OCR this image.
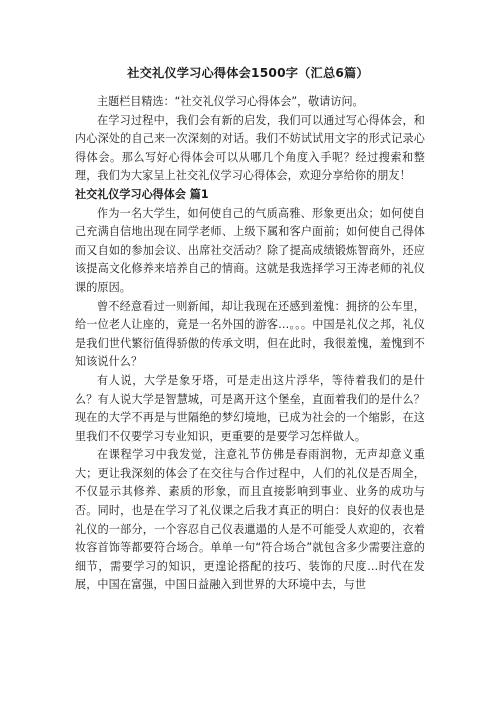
社交礼仪学习心得体会1500字（汇总6篇）

主题栏目精选：“社交礼仪学习心得体会”，敬请访问。

在学习过程中，我们会有新的启发，我们可以通过写心得体会，和内心深处的自己来一次深刻的对话。我们不妨试试用文字的形式记录心得体会。那么写好心得体会可以从哪几个角度入手呢？经过搜索和整理，我们为大家呈上社交礼仪学习心得体会，欢迎分享给你的朋友！

社交礼仪学习心得体会 篇1

作为一名大学生，如何使自己的气质高雅、形象更出众；如何使自己充满自信地出现在同学老师、上级下属和客户面前；如何使自己得体而又自如的参加会议、出席社交活动？除了提高成绩锻炼智商外，还应该提高文化修养来培养自己的情商。这就是我选择学习王涛老师的礼仪课的原因。

曾不经意看过一则新闻，却让我现在还感到羞愧：拥挤的公车里，给一位老人让座的，竟是一名外国的游客…。。。中国是礼仪之邦，礼仪是我们世代繁衍值得骄傲的传承文明，但在此时，我很羞愧，羞愧到不知该说什么？

有人说，大学是象牙塔，可是走出这片浮华，等待着我们的是什么？有人说大学是智慧城，可是离开这个堡垒，直面着我们的是什么？现在的大学不再是与世隔绝的梦幻境地，已成为社会的一个缩影，在这里我们不仅要学习专业知识，更重要的是要学习怎样做人。

在课程学习中我发觉，注意礼节仿佛是春雨润物，无声却意义重大；更让我深刻的体会了在交往与合作过程中，人们的礼仪是否周全，不仅显示其修养、素质的形象，而且直接影响到事业、业务的成功与否。同时，也是在学习了礼仪课之后我才真正的明白：良好的仪表也是礼仪的一部分，一个容忍自己仪表邋遢的人是不可能受人欢迎的，衣着妆容首饰等都要符合场合。单单一句“符合场合”就包含多少需要注意的细节，需要学习的知识，更遑论搭配的技巧、装饰的尺度…时代在发展，中国在富强，中国日益融入到世界的大环境中去，与世
